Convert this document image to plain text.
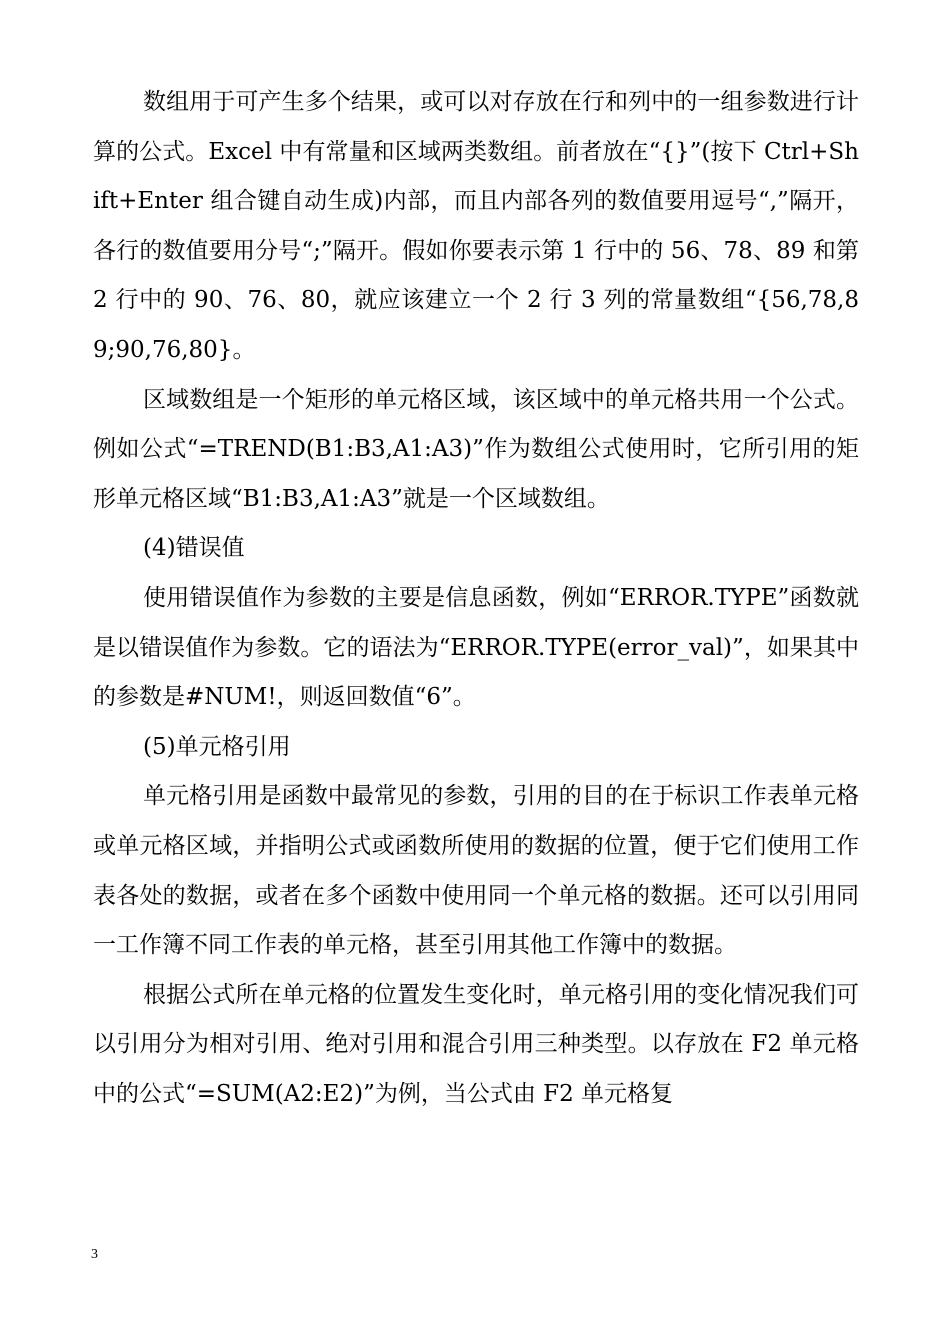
数组用于可产生多个结果，或可以对存放在行和列中的一组参数进行计算的公式。Excel 中有常量和区域两类数组。前者放在“{}”(按下 Ctrl+Shift+Enter 组合键自动生成)内部，而且内部各列的数值要用逗号“,”隔开，各行的数值要用分号“;”隔开。假如你要表示第 1 行中的 56、78、89 和第 2 行中的 90、76、80，就应该建立一个 2 行 3 列的常量数组“{56,78,89;90,76,80}。

区域数组是一个矩形的单元格区域，该区域中的单元格共用一个公式。例如公式“=TREND(B1:B3,A1:A3)”作为数组公式使用时，它所引用的矩形单元格区域“B1:B3,A1:A3”就是一个区域数组。

(4)错误值

使用错误值作为参数的主要是信息函数，例如“ERROR.TYPE”函数就是以错误值作为参数。它的语法为“ERROR.TYPE(error_val)”，如果其中的参数是#NUM!，则返回数值“6”。

(5)单元格引用

单元格引用是函数中最常见的参数，引用的目的在于标识工作表单元格或单元格区域，并指明公式或函数所使用的数据的位置，便于它们使用工作表各处的数据，或者在多个函数中使用同一个单元格的数据。还可以引用同一工作簿不同工作表的单元格，甚至引用其他工作簿中的数据。

根据公式所在单元格的位置发生变化时，单元格引用的变化情况我们可以引用分为相对引用、绝对引用和混合引用三种类型。以存放在 F2 单元格中的公式“=SUM(A2:E2)”为例，当公式由 F2 单元格复

3
